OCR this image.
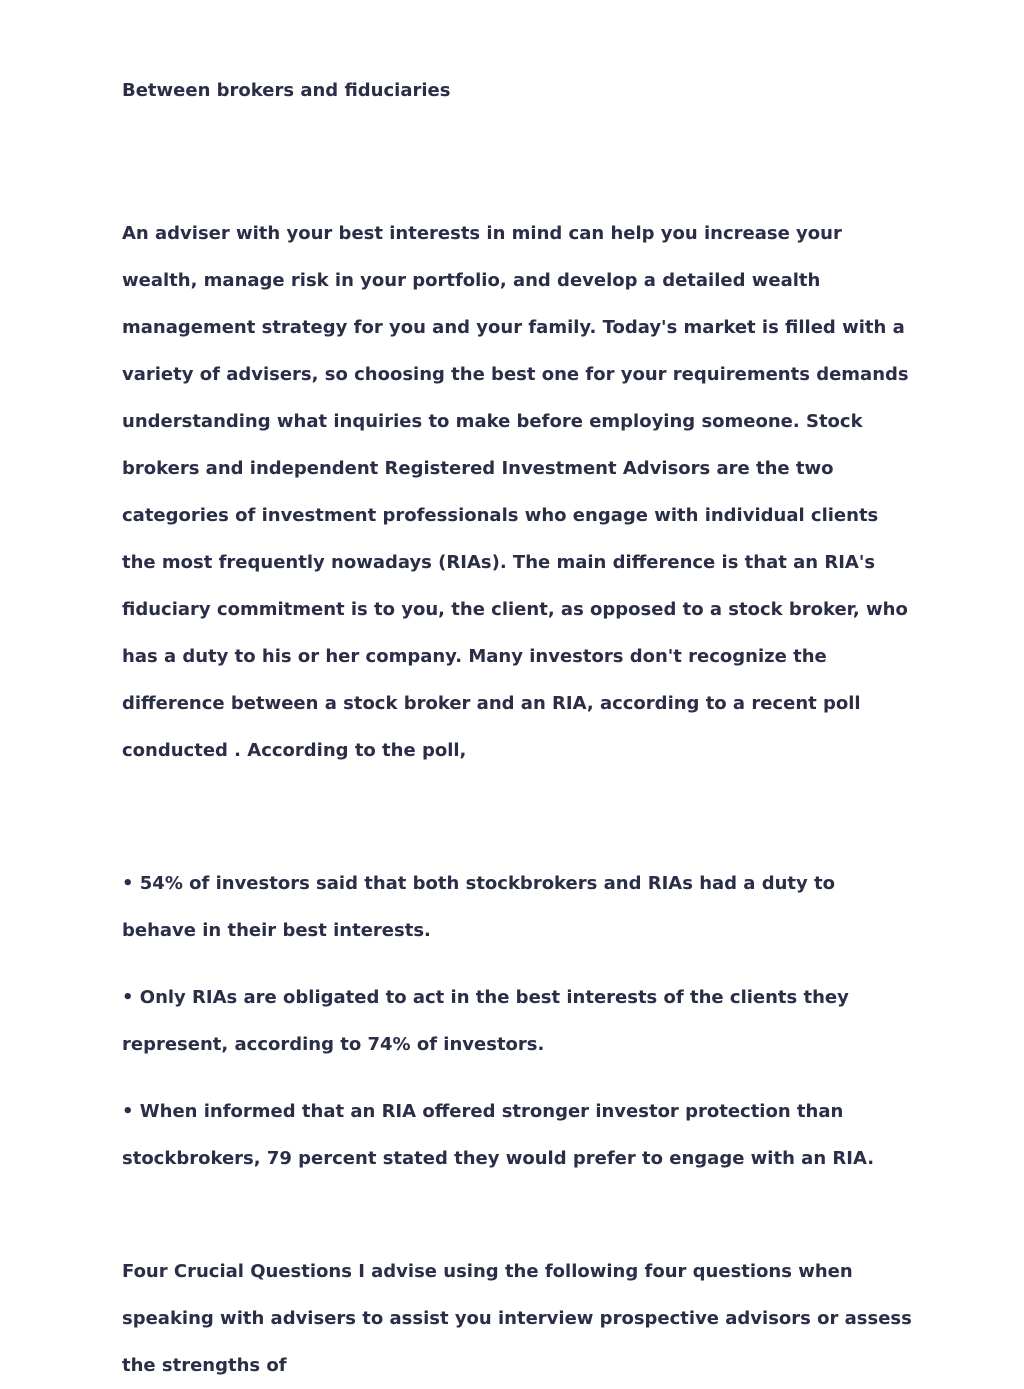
Between brokers and fiduciaries

An adviser with your best interests in mind can help you increase your wealth, manage risk in your portfolio, and develop a detailed wealth management strategy for you and your family. Today's market is filled with a variety of advisers, so choosing the best one for your requirements demands understanding what inquiries to make before employing someone. Stock brokers and independent Registered Investment Advisors are the two categories of investment professionals who engage with individual clients the most frequently nowadays (RIAs). The main difference is that an RIA's fiduciary commitment is to you, the client, as opposed to a stock broker, who has a duty to his or her company. Many investors don't recognize the difference between a stock broker and an RIA, according to a recent poll conducted . According to the poll,

• 54% of investors said that both stockbrokers and RIAs had a duty to behave in their best interests.

• Only RIAs are obligated to act in the best interests of the clients they represent, according to 74% of investors.

• When informed that an RIA offered stronger investor protection than stockbrokers, 79 percent stated they would prefer to engage with an RIA.

Four Crucial Questions I advise using the following four questions when speaking with advisers to assist you interview prospective advisors or assess the strengths of
